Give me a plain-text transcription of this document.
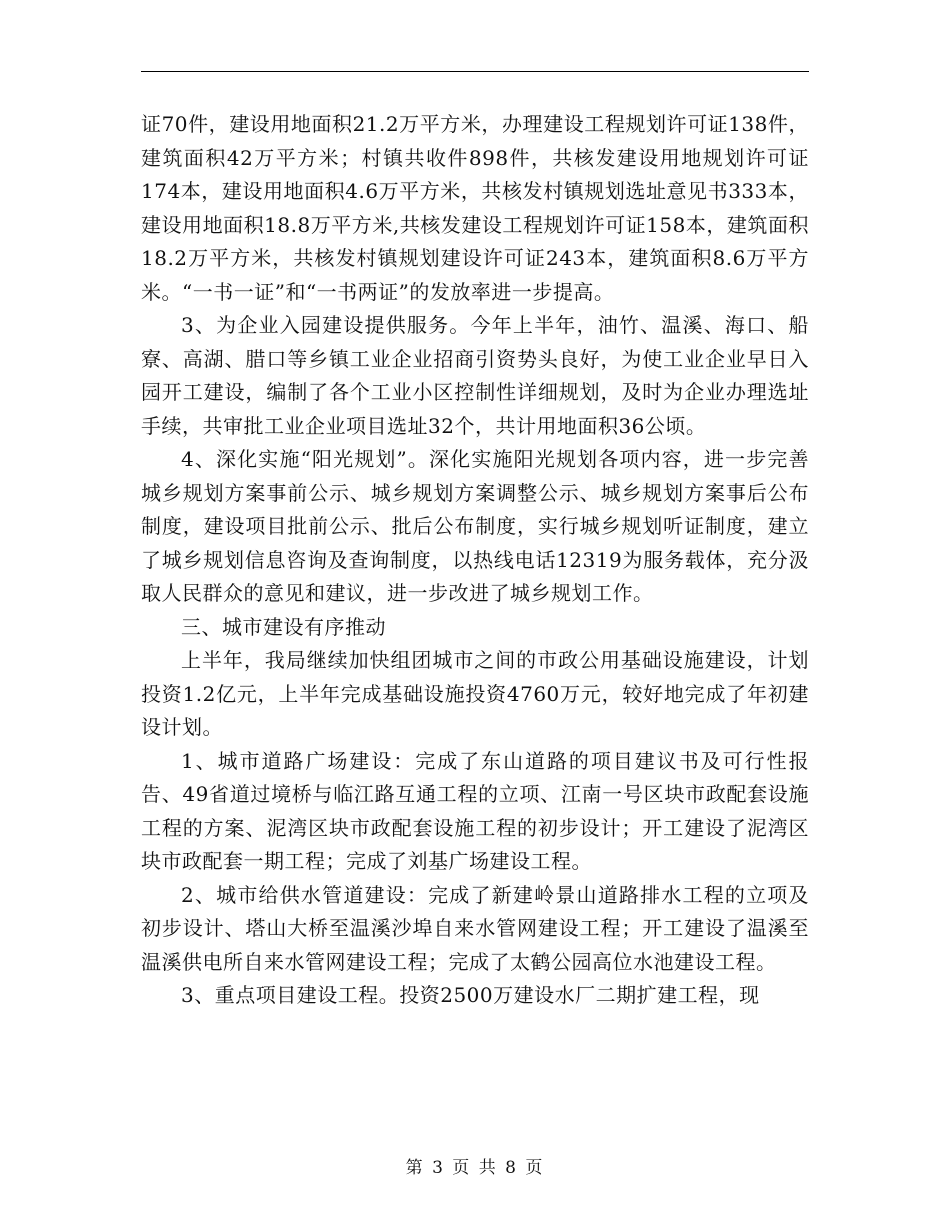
证70件，建设用地面积21.2万平方米，办理建设工程规划许可证138件，建筑面积42万平方米；村镇共收件898件，共核发建设用地规划许可证174本，建设用地面积4.6万平方米，共核发村镇规划选址意见书333本，建设用地面积18.8万平方米,共核发建设工程规划许可证158本，建筑面积18.2万平方米，共核发村镇规划建设许可证243本，建筑面积8.6万平方米。“一书一证”和“一书两证”的发放率进一步提高。

3、为企业入园建设提供服务。今年上半年，油竹、温溪、海口、船寮、高湖、腊口等乡镇工业企业招商引资势头良好，为使工业企业早日入园开工建设，编制了各个工业小区控制性详细规划，及时为企业办理选址手续，共审批工业企业项目选址32个，共计用地面积36公顷。

4、深化实施“阳光规划”。深化实施阳光规划各项内容，进一步完善城乡规划方案事前公示、城乡规划方案调整公示、城乡规划方案事后公布制度，建设项目批前公示、批后公布制度，实行城乡规划听证制度，建立了城乡规划信息咨询及查询制度，以热线电话12319为服务载体，充分汲取人民群众的意见和建议，进一步改进了城乡规划工作。

三、城市建设有序推动

上半年，我局继续加快组团城市之间的市政公用基础设施建设，计划投资1.2亿元，上半年完成基础设施投资4760万元，较好地完成了年初建设计划。

1、城市道路广场建设：完成了东山道路的项目建议书及可行性报告、49省道过境桥与临江路互通工程的立项、江南一号区块市政配套设施工程的方案、泥湾区块市政配套设施工程的初步设计；开工建设了泥湾区块市政配套一期工程；完成了刘基广场建设工程。

2、城市给供水管道建设：完成了新建岭景山道路排水工程的立项及初步设计、塔山大桥至温溪沙埠自来水管网建设工程；开工建设了温溪至温溪供电所自来水管网建设工程；完成了太鹤公园高位水池建设工程。

3、重点项目建设工程。投资2500万建设水厂二期扩建工程，现

第 3 页 共 8 页
